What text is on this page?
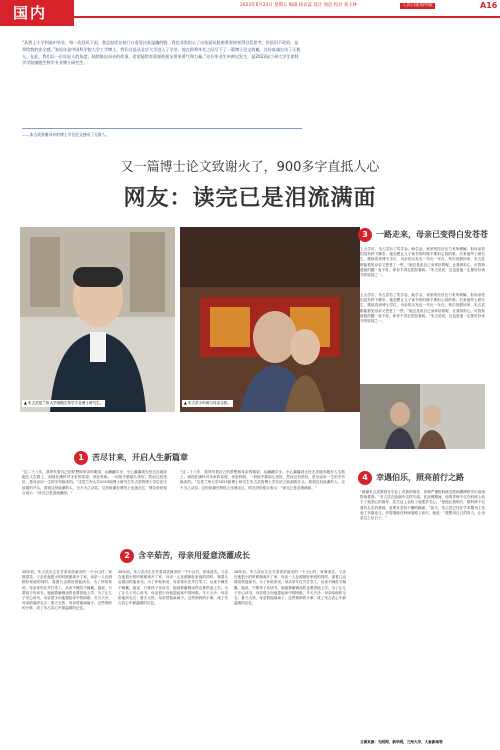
国内	2023年6月23日 星期五 编辑 杨岩蕊 设计 周洁 校对 蒋玉林	人民日报海外版	A16
“从我上小学到高中毕业，每一次刮风下雨，我总担忧在校门口看见这张湿漉的脸，我也非常担心了这张面从脸羡慕坚韧变得自发思考，但依旧不改的，是带给我的安全感。”张再年是中国科学院大学工学博士，我们这是从北京大学进入了学业，他在即将毕业之际写下了一篇博士论文致谢。这份真诚打动了无数人。在此，我们以一位年轻人的角度，陆续推出母亲的故事，希望能给有需要的朋友带来勇气和力量。”这位毕业生叫黄启发生，是2023届兰州大学生命科学学院细胞生物学专业博士研究生。
——朱占武致谢母亲的博士学位论文感动了无数人。
又一篇博士论文致谢火了，900多字直抵人心
网友：读完已是泪流满面
▲ 朱占武是兰州大学细胞生物学专业博士研究生。	▲ 朱占武小时候与母亲合影。
3	一路走来，母亲已变得白发苍苍
上大学后，朱占武有了奖学金，助学金，家里的经济压力有所缓解。但母亲依旧没有停下脚步，她说想让儿子读书的时候不要担心钱的事。后来他考上研究生，继续攻读博士学位，母亲的头发也一年比一年白。每次放假回家，朱占武都能看见母亲又苍老了一些。“她总是说自己身体好着呢，让我别担心，可我知道她的腰一直不好，却舍不得去医院看病。”朱占武说，这也是他一定要好好读书的原因之一。
上大学后，朱占武有了奖学金，助学金，家里的经济压力有所缓解。但母亲依旧没有停下脚步，她说想让儿子读书的时候不要担心钱的事。后来他考上研究生，继续攻读博士学位，母亲的头发也一年比一年白。每次放假回家，朱占武都能看见母亲又苍老了一些。“她总是说自己身体好着呢，让我别担心，可我知道她的腰一直不好，却舍不得去医院看病。”朱占武说，这也是他一定要好好读书的原因之一。
4	幸遇伯乐，照亮前行之路
“感谢朱占武教授在学业上对我的指导，导师严谨的科研态度和渊博的学识深深影响着我。”朱占武在致谢中这样写道。在读博期间，他的导师不仅在科研上给予了他悉心的指导，在生活上也给了他很多关心。“是他让我明白，做科研不仅要有扎实的基础，更要有坚持不懈的精神。”如今，朱占武已经在学术期刊上发表了多篇论文，并将继续在科研道路上前行。他说：“我想用自己的努力，让母亲过上好日子。”
文图来源：光明网，新华网，兰州大学，大象新闻等
1	苦尽甘来，开启人生新篇章
“这二十八年，我背负着自己的梦想和母亲的期望，从蹒跚学步，小心翼翼到无忧无虑地奔跑在人生路上，到现在满怀对未来的希望，奔赴科研。一切似乎都那么美好，然而这份美好，是母亲用一生的辛劳换来的。”这是兰州大学2023届博士研究生朱占武的博士学位论文致谢的开头，看到这份致谢的人，无不为之动容。这份致谢在网络上迅速走红，网友纷纷留言表示：“读完已是泪流满面。”
“这二十八年，我背负着自己的梦想和母亲的期望，从蹒跚学步，小心翼翼到无忧无虑地奔跑在人生路上，到现在满怀对未来的希望，奔赴科研。一切似乎都那么美好，然而这份美好，是母亲用一生的辛劳换来的。”这是兰州大学2023届博士研究生朱占武的博士学位论文致谢的开头，看到这份致谢的人，无不为之动容。这份致谢在网络上迅速走红，网友纷纷留言表示：“读完已是泪流满面。”
2	含辛茹苦，母亲用爱意浇灌成长
28年前，朱占武出生在甘肃省武威市的一个小山村，家境清苦。父亲在他很小的时候便离开了家，母亲一人在照顾好家庭的同时，靠着几亩薄田供他读书。为了补贴家用，母亲常年在外打零工，从来不喊苦不喊累。她说，只要孩子肯读书，她就算砸锅卖铁也要供他上学。为了让儿子安心读书，母亲很少向他提起家中的困难。冬天天冷，母亲给他织毛衣；夏天太热，母亲替他扇扇子。这些琐碎的小事，成了朱占武心中最温暖的记忆。
28年前，朱占武出生在甘肃省武威市的一个小山村，家境清苦。父亲在他很小的时候便离开了家，母亲一人在照顾好家庭的同时，靠着几亩薄田供他读书。为了补贴家用，母亲常年在外打零工，从来不喊苦不喊累。她说，只要孩子肯读书，她就算砸锅卖铁也要供他上学。为了让儿子安心读书，母亲很少向他提起家中的困难。冬天天冷，母亲给他织毛衣；夏天太热，母亲替他扇扇子。这些琐碎的小事，成了朱占武心中最温暖的记忆。
28年前，朱占武出生在甘肃省武威市的一个小山村，家境清苦。父亲在他很小的时候便离开了家，母亲一人在照顾好家庭的同时，靠着几亩薄田供他读书。为了补贴家用，母亲常年在外打零工，从来不喊苦不喊累。她说，只要孩子肯读书，她就算砸锅卖铁也要供他上学。为了让儿子安心读书，母亲很少向他提起家中的困难。冬天天冷，母亲给他织毛衣；夏天太热，母亲替他扇扇子。这些琐碎的小事，成了朱占武心中最温暖的记忆。
